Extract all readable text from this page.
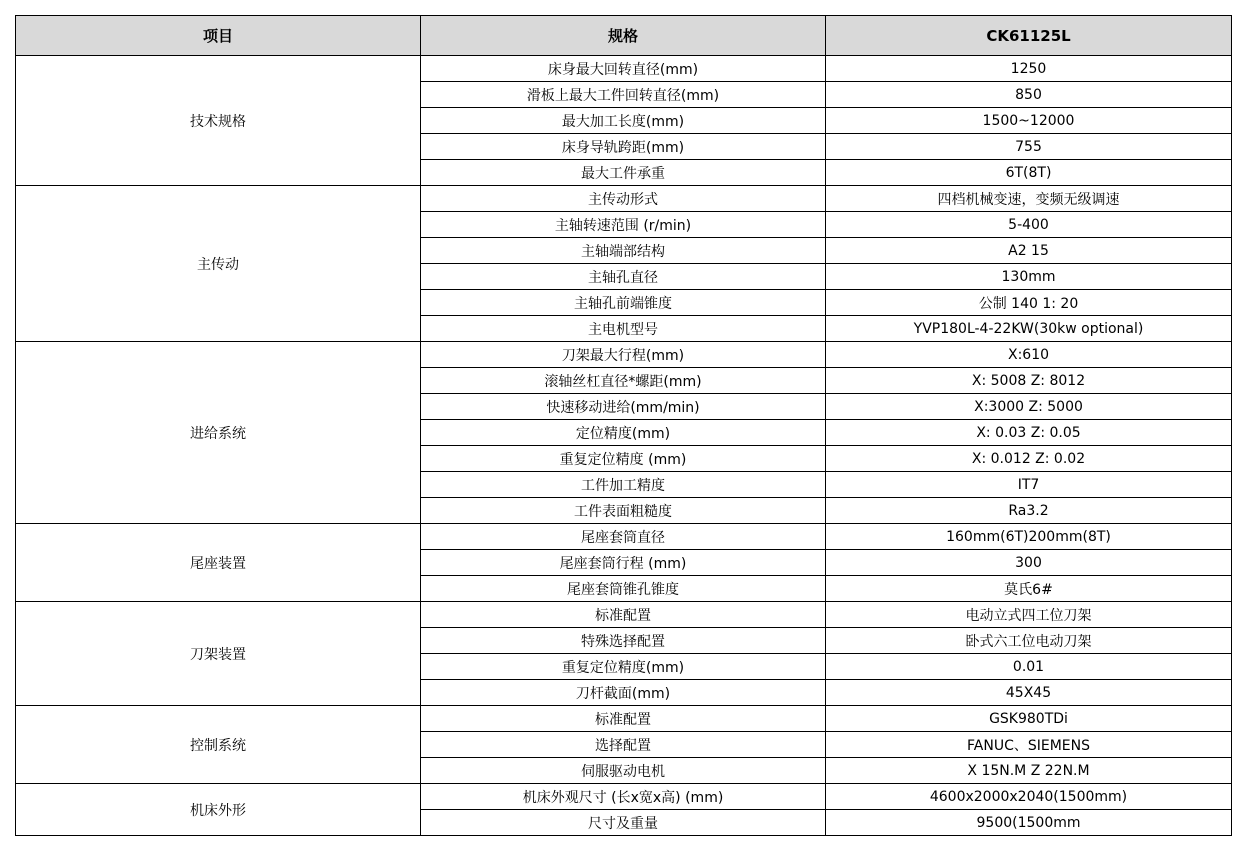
项目	规格	CK61125L
技术规格	床身最大回转直径(mm)	1250
	滑板上最大工件回转直径(mm)	850
	最大加工长度(mm)	1500~12000
	床身导轨跨距(mm)	755
	最大工件承重	6T(8T)
主传动	主传动形式	四档机械变速，变频无级调速
	主轴转速范围 (r/min)	5-400
	主轴端部结构	A2 15
	主轴孔直径	130mm
	主轴孔前端锥度	公制 140 1: 20
	主电机型号	YVP180L-4-22KW(30kw optional)
进给系统	刀架最大行程(mm)	X:610
	滚轴丝杠直径*螺距(mm)	X: 5008 Z: 8012
	快速移动进给(mm/min)	X:3000 Z: 5000
	定位精度(mm)	X: 0.03 Z: 0.05
	重复定位精度 (mm)	X: 0.012 Z: 0.02
	工件加工精度	IT7
	工件表面粗糙度	Ra3.2
尾座装置	尾座套筒直径	160mm(6T)200mm(8T)
	尾座套筒行程 (mm)	300
	尾座套筒锥孔锥度	莫氏6#
刀架装置	标准配置	电动立式四工位刀架
	特殊选择配置	卧式六工位电动刀架
	重复定位精度(mm)	0.01
	刀杆截面(mm)	45X45
控制系统	标准配置	GSK980TDi
	选择配置	FANUC、SIEMENS
	伺服驱动电机	X 15N.M Z 22N.M
机床外形	机床外观尺寸 (长x宽x高) (mm)	4600x2000x2040(1500mm)
	尺寸及重量	9500(1500mm
